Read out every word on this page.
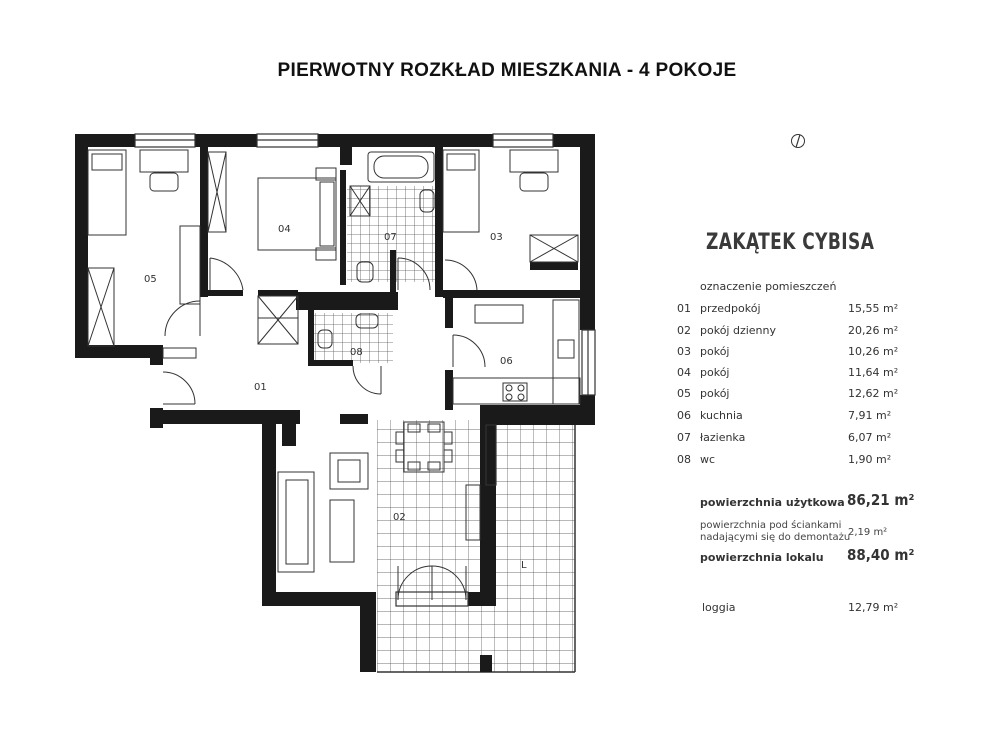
PIERWOTNY ROZKŁAD MIESZKANIA - 4 POKOJE
01
02
03
04
05
06
07
08
L
ZAKĄTEK CYBISA
oznaczenie pomieszczeń
01 przedpokój	15,55 m²
02 pokój dzienny	20,26 m²
03 pokój	10,26 m²
04 pokój	11,64 m²
05 pokój	12,62 m²
06 kuchnia	7,91 m²
07 łazienka	6,07 m²
08 wc	1,90 m²
powierzchnia użytkowa 86,21 m²
powierzchnia pod ściankami
nadającymi się do demontażu
2,19 m²
powierzchnia lokalu 88,40 m²
loggia	12,79 m²
